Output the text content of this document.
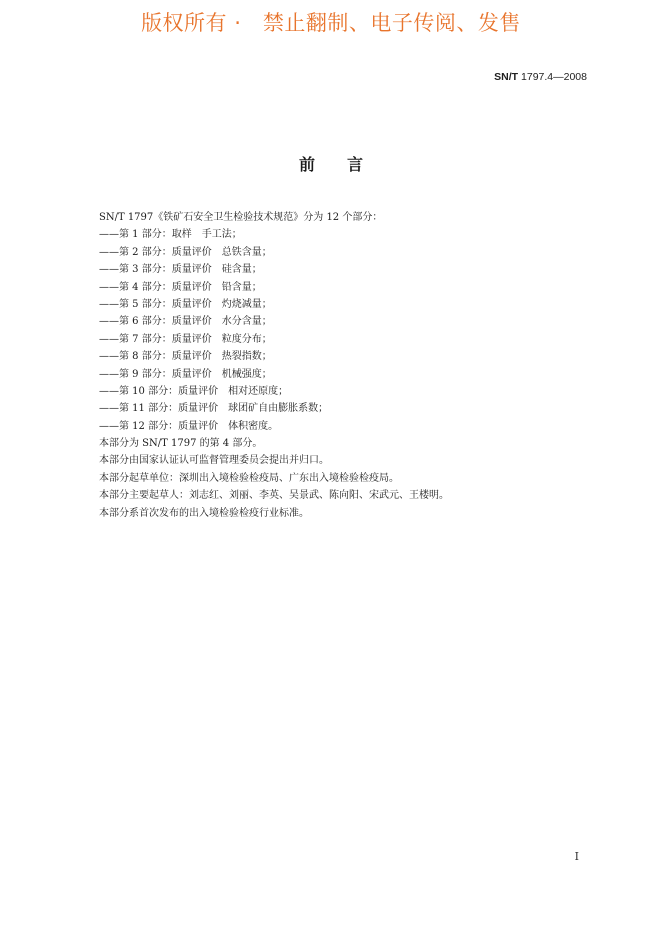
版权所有 ·　禁止翻制、电子传阅、发售
SN/T 1797.4—2008
前言
SN/T 1797《铁矿石安全卫生检验技术规范》分为 12 个部分：
——第 1 部分：取样　手工法；
——第 2 部分：质量评价　总铁含量；
——第 3 部分：质量评价　硅含量；
——第 4 部分：质量评价　铅含量；
——第 5 部分：质量评价　灼烧减量；
——第 6 部分：质量评价　水分含量；
——第 7 部分：质量评价　粒度分布；
——第 8 部分：质量评价　热裂指数；
——第 9 部分：质量评价　机械强度；
——第 10 部分：质量评价　相对还原度；
——第 11 部分：质量评价　球团矿自由膨胀系数；
——第 12 部分：质量评价　体积密度。
本部分为 SN/T 1797 的第 4 部分。
本部分由国家认证认可监督管理委员会提出并归口。
本部分起草单位：深圳出入境检验检疫局、广东出入境检验检疫局。
本部分主要起草人：刘志红、刘丽、李英、吴景武、陈向阳、宋武元、王楼明。
本部分系首次发布的出入境检验检疫行业标准。
I
